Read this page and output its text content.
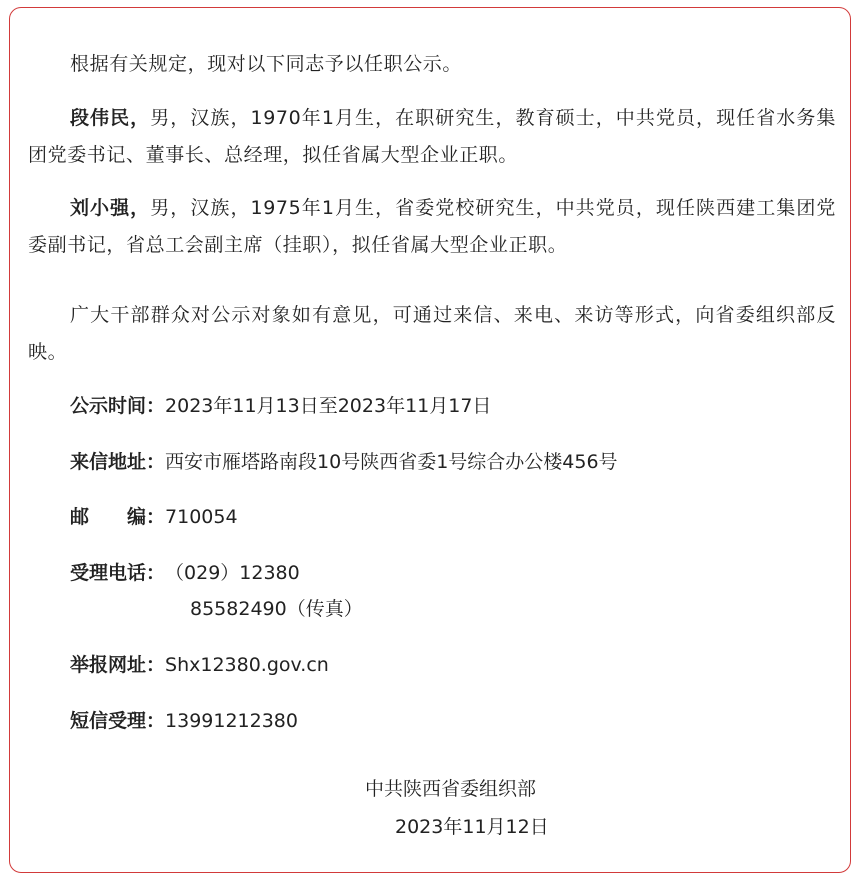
根据有关规定，现对以下同志予以任职公示。

段伟民，男，汉族，1970年1月生，在职研究生，教育硕士，中共党员，现任省水务集团党委书记、董事长、总经理，拟任省属大型企业正职。

刘小强，男，汉族，1975年1月生，省委党校研究生，中共党员，现任陕西建工集团党委副书记，省总工会副主席（挂职），拟任省属大型企业正职。

广大干部群众对公示对象如有意见，可通过来信、来电、来访等形式，向省委组织部反映。

公示时间：2023年11月13日至2023年11月17日
来信地址：西安市雁塔路南段10号陕西省委1号综合办公楼456号
邮 编：710054
受理电话：（029）12380
85582490（传真）
举报网址：Shx12380.gov.cn
短信受理：13991212380
中共陕西省委组织部
2023年11月12日
